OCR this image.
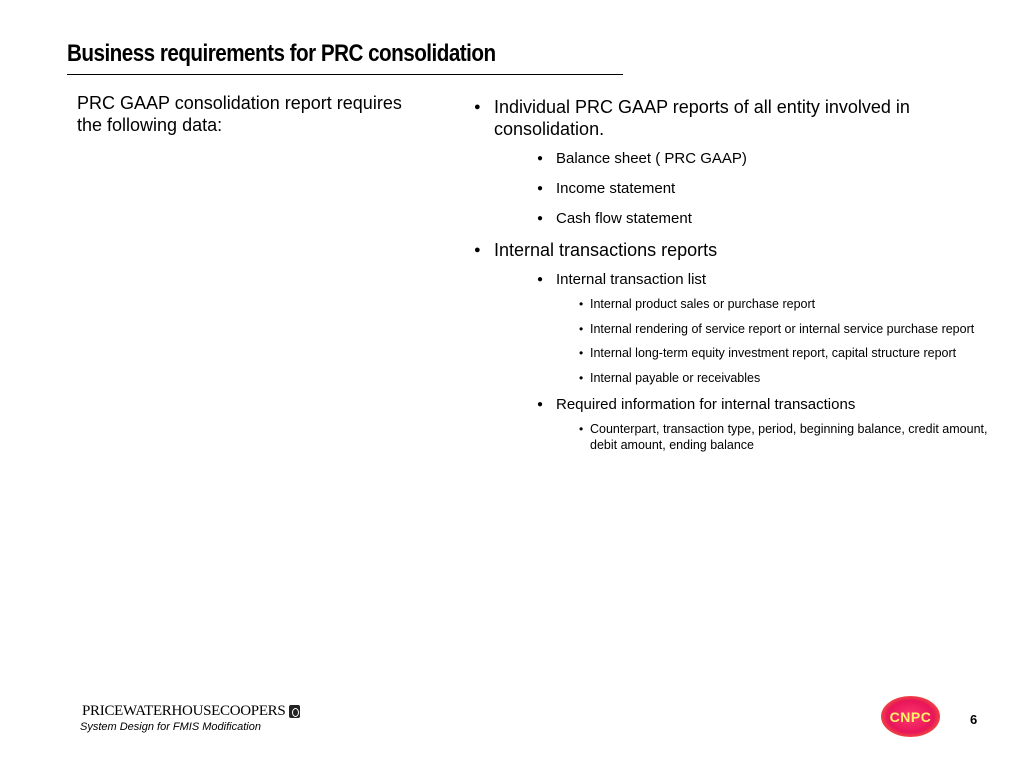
Business requirements for PRC consolidation
PRC GAAP consolidation report requires the following data:
● Individual PRC GAAP reports of all entity involved in consolidation.
● Balance sheet ( PRC GAAP)
● Income statement
● Cash flow statement
● Internal transactions reports
● Internal transaction list
• Internal product sales or purchase report
• Internal rendering of service report or internal service purchase report
• Internal long-term equity investment report, capital structure report
• Internal payable or receivables
● Required information for internal transactions
• Counterpart, transaction type, period, beginning balance, credit amount, debit amount, ending balance
PRICEWATERHOUSECOOPERS
System Design for FMIS Modification
CNPC	6
